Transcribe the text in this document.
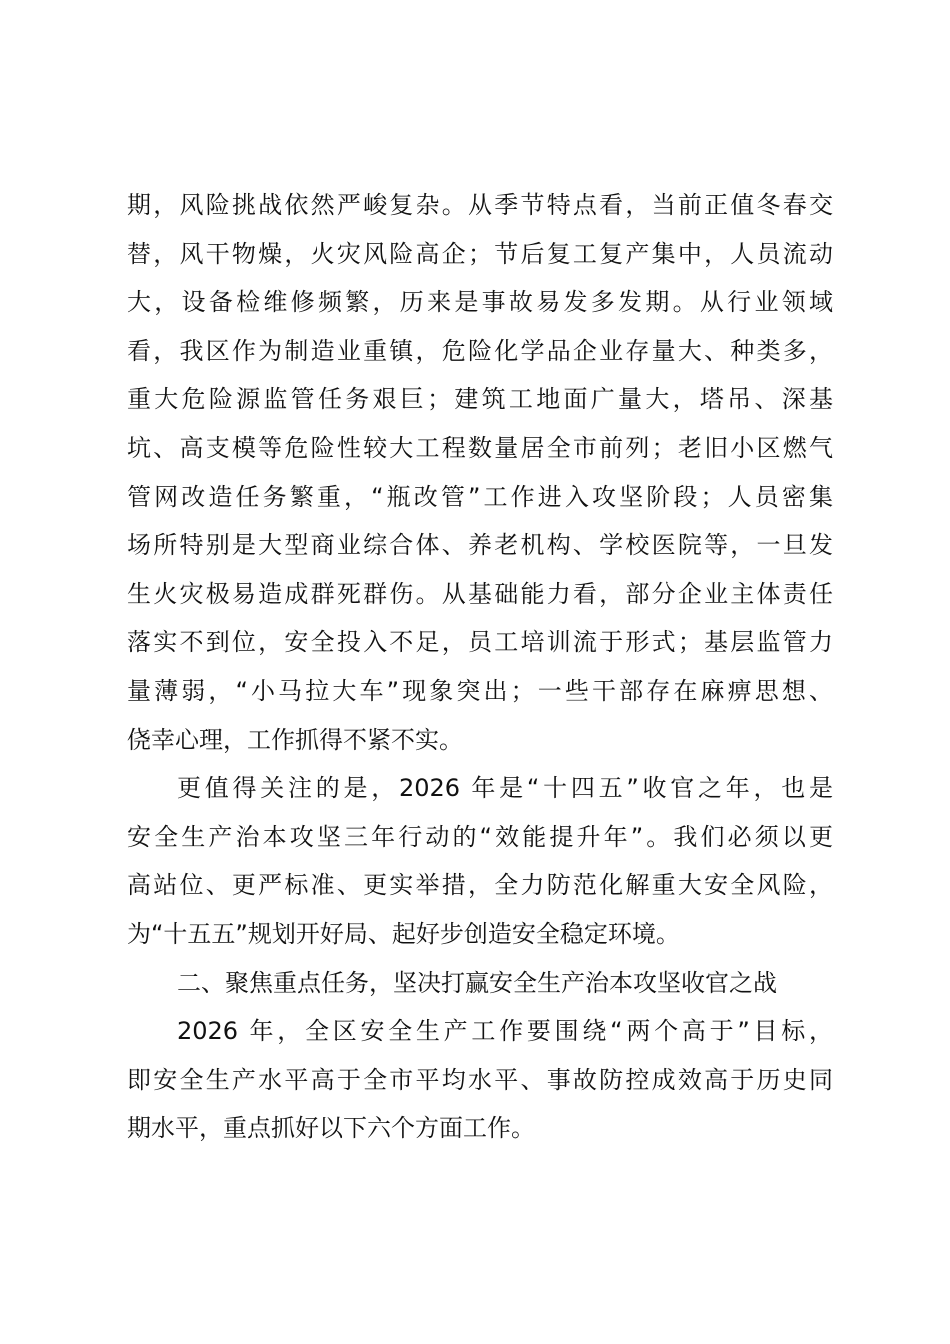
期，风险挑战依然严峻复杂。从季节特点看，当前正值冬春交
替，风干物燥，火灾风险高企；节后复工复产集中，人员流动
大，设备检维修频繁，历来是事故易发多发期。从行业领域
看，我区作为制造业重镇，危险化学品企业存量大、种类多，
重大危险源监管任务艰巨；建筑工地面广量大，塔吊、深基
坑、高支模等危险性较大工程数量居全市前列；老旧小区燃气
管网改造任务繁重，“瓶改管”工作进入攻坚阶段；人员密集
场所特别是大型商业综合体、养老机构、学校医院等，一旦发
生火灾极易造成群死群伤。从基础能力看，部分企业主体责任
落实不到位，安全投入不足，员工培训流于形式；基层监管力
量薄弱，“小马拉大车”现象突出；一些干部存在麻痹思想、
侥幸心理，工作抓得不紧不实。
更值得关注的是，2026 年是“十四五”收官之年，也是
安全生产治本攻坚三年行动的“效能提升年”。我们必须以更
高站位、更严标准、更实举措，全力防范化解重大安全风险，
为“十五五”规划开好局、起好步创造安全稳定环境。
二、聚焦重点任务，坚决打赢安全生产治本攻坚收官之战
2026 年，全区安全生产工作要围绕“两个高于”目标，
即安全生产水平高于全市平均水平、事故防控成效高于历史同
期水平，重点抓好以下六个方面工作。
